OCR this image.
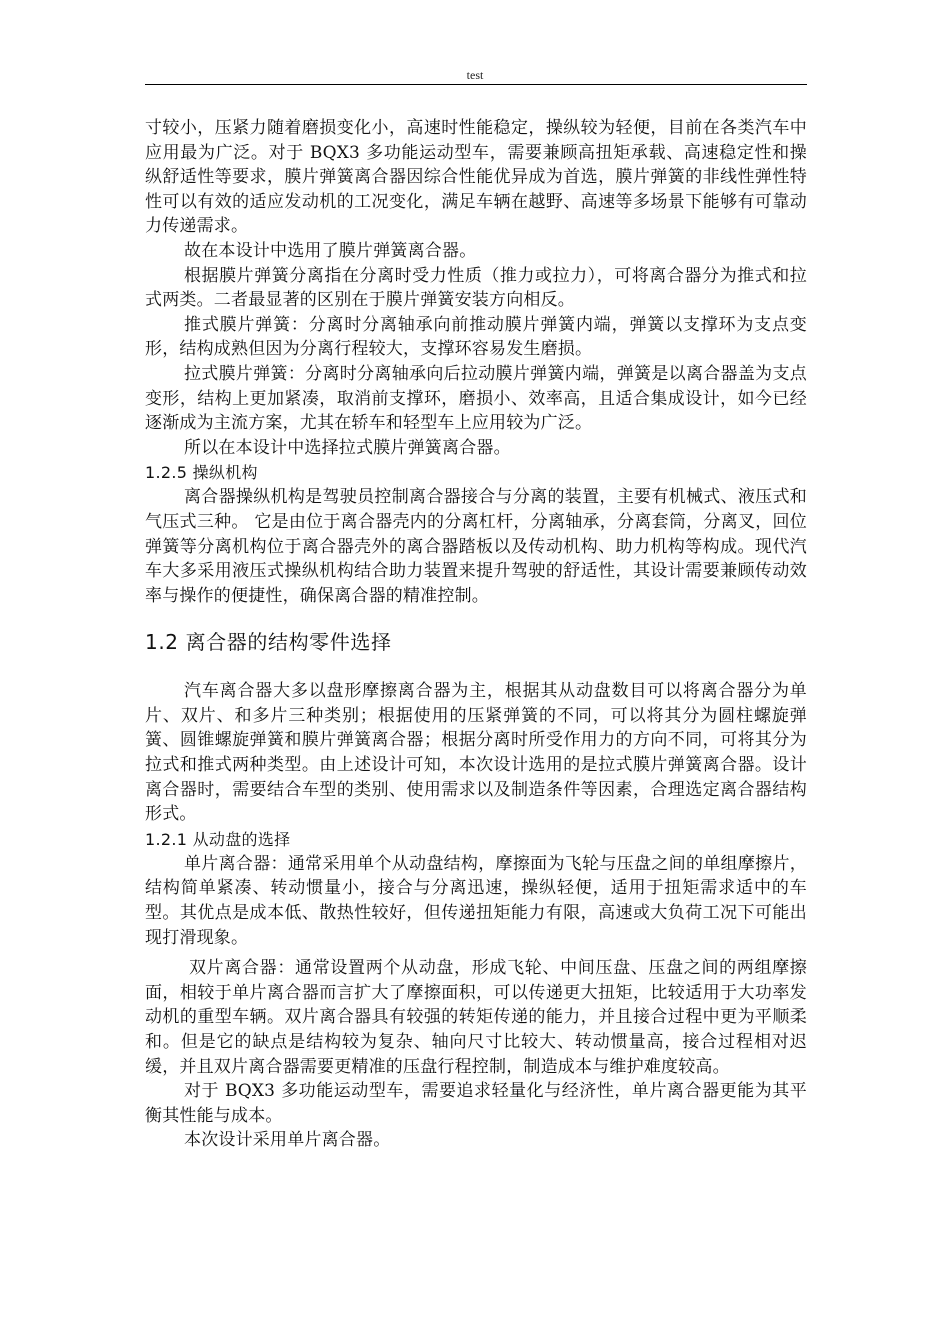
test

寸较小，压紧力随着磨损变化小，高速时性能稳定，操纵较为轻便，目前在各类汽车中应用最为广泛。对于 BQX3 多功能运动型车，需要兼顾高扭矩承载、高速稳定性和操纵舒适性等要求，膜片弹簧离合器因综合性能优异成为首选，膜片弹簧的非线性弹性特性可以有效的适应发动机的工况变化，满足车辆在越野、高速等多场景下能够有可靠动力传递需求。

故在本设计中选用了膜片弹簧离合器。

根据膜片弹簧分离指在分离时受力性质（推力或拉力），可将离合器分为推式和拉式两类。二者最显著的区别在于膜片弹簧安装方向相反。

推式膜片弹簧：分离时分离轴承向前推动膜片弹簧内端，弹簧以支撑环为支点变形，结构成熟但因为分离行程较大，支撑环容易发生磨损。

拉式膜片弹簧：分离时分离轴承向后拉动膜片弹簧内端，弹簧是以离合器盖为支点变形，结构上更加紧凑，取消前支撑环，磨损小、效率高，且适合集成设计，如今已经逐渐成为主流方案，尤其在轿车和轻型车上应用较为广泛。

所以在本设计中选择拉式膜片弹簧离合器。

1.2.5 操纵机构

离合器操纵机构是驾驶员控制离合器接合与分离的装置，主要有机械式、液压式和气压式三种。 它是由位于离合器壳内的分离杠杆，分离轴承，分离套筒，分离叉，回位弹簧等分离机构位于离合器壳外的离合器踏板以及传动机构、助力机构等构成。现代汽车大多采用液压式操纵机构结合助力装置来提升驾驶的舒适性，其设计需要兼顾传动效率与操作的便捷性，确保离合器的精准控制。

1.2 离合器的结构零件选择

汽车离合器大多以盘形摩擦离合器为主，根据其从动盘数目可以将离合器分为单片、双片、和多片三种类别；根据使用的压紧弹簧的不同，可以将其分为圆柱螺旋弹簧、圆锥螺旋弹簧和膜片弹簧离合器；根据分离时所受作用力的方向不同，可将其分为拉式和推式两种类型。由上述设计可知，本次设计选用的是拉式膜片弹簧离合器。设计离合器时，需要结合车型的类别、使用需求以及制造条件等因素，合理选定离合器结构形式。

1.2.1 从动盘的选择

单片离合器：通常采用单个从动盘结构，摩擦面为飞轮与压盘之间的单组摩擦片，结构简单紧凑、转动惯量小，接合与分离迅速，操纵轻便，适用于扭矩需求适中的车型。其优点是成本低、散热性较好，但传递扭矩能力有限，高速或大负荷工况下可能出现打滑现象。

双片离合器：通常设置两个从动盘，形成飞轮、中间压盘、压盘之间的两组摩擦面，相较于单片离合器而言扩大了摩擦面积，可以传递更大扭矩，比较适用于大功率发动机的重型车辆。双片离合器具有较强的转矩传递的能力，并且接合过程中更为平顺柔和。但是它的缺点是结构较为复杂、轴向尺寸比较大、转动惯量高，接合过程相对迟缓，并且双片离合器需要更精准的压盘行程控制，制造成本与维护难度较高。

对于 BQX3 多功能运动型车，需要追求轻量化与经济性，单片离合器更能为其平衡其性能与成本。

本次设计采用单片离合器。
